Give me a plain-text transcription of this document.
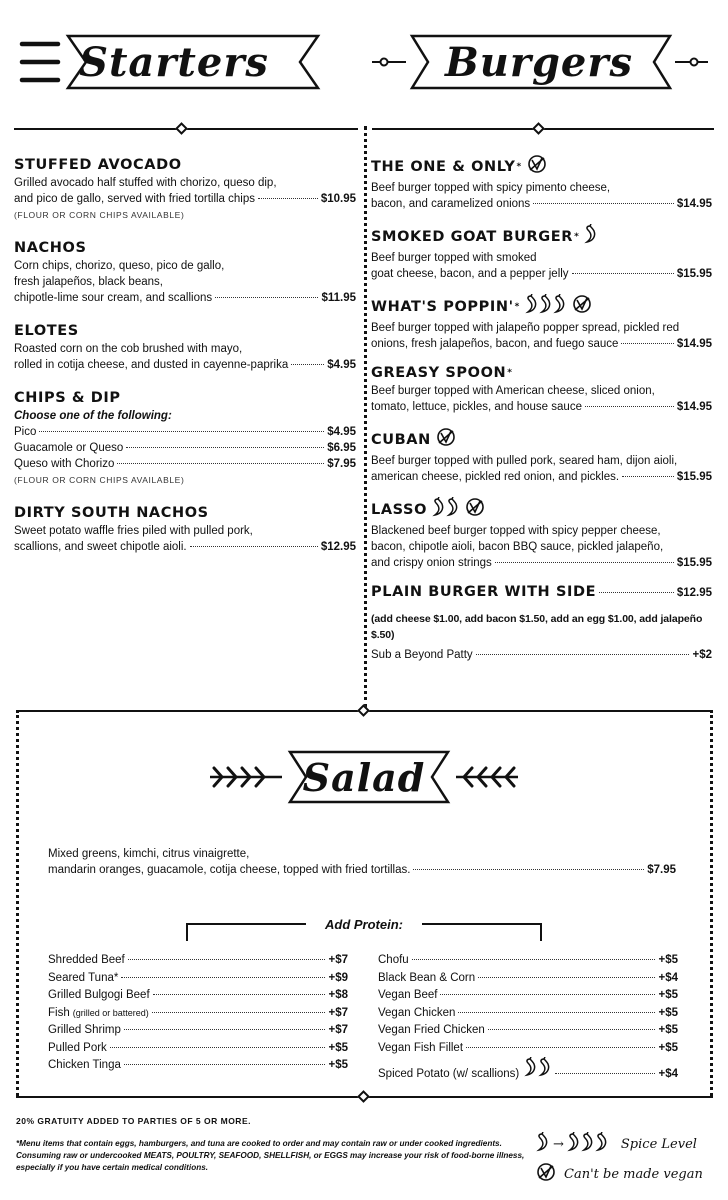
Starters	Burgers
STUFFED AVOCADO
Grilled avocado half stuffed with chorizo, queso dip,
and pico de gallo, served with fried tortilla chips	$10.95
(FLOUR OR CORN CHIPS AVAILABLE)
NACHOS
Corn chips, chorizo, queso, pico de gallo,
fresh jalapeños, black beans,
chipotle-lime sour cream, and scallions	$11.95
ELOTES
Roasted corn on the cob brushed with mayo,
rolled in cotija cheese, and dusted in cayenne-paprika	$4.95
CHIPS & DIP
Choose one of the following:
Pico	$4.95
Guacamole or Queso	$6.95
Queso with Chorizo	$7.95
(FLOUR OR CORN CHIPS AVAILABLE)
DIRTY SOUTH NACHOS
Sweet potato waffle fries piled with pulled pork,
scallions, and sweet chipotle aioli.	$12.95
THE ONE & ONLY *
Beef burger topped with spicy pimento cheese,
bacon, and caramelized onions	$14.95
SMOKED GOAT BURGER *
Beef burger topped with smoked
goat cheese, bacon, and a pepper jelly	$15.95
WHAT'S POPPIN' *
Beef burger topped with jalapeño popper spread, pickled red
onions, fresh jalapeños, bacon, and fuego sauce	$14.95
GREASY SPOON *
Beef burger topped with American cheese, sliced onion,
tomato, lettuce, pickles, and house sauce	$14.95
CUBAN
Beef burger topped with pulled pork, seared ham, dijon aioli,
american cheese, pickled red onion, and pickles.	$15.95
LASSO
Blackened beef burger topped with spicy pepper cheese,
bacon, chipotle aioli, bacon BBQ sauce, pickled jalapeño,
and crispy onion strings	$15.95
PLAIN BURGER WITH SIDE	$12.95
(add cheese $1.00, add bacon $1.50, add an egg $1.00, add jalapeño $.50)
Sub a Beyond Patty	+$2
Salad
Mixed greens, kimchi, citrus vinaigrette,
mandarin oranges, guacamole, cotija cheese, topped with fried tortillas.	$7.95
Add Protein:
Shredded Beef	+$7
Seared Tuna*	+$9
Grilled Bulgogi Beef	+$8
Fish (grilled or battered)	+$7
Grilled Shrimp	+$7
Pulled Pork	+$5
Chicken Tinga	+$5
Chofu	+$5
Black Bean & Corn	+$4
Vegan Beef	+$5
Vegan Chicken	+$5
Vegan Fried Chicken	+$5
Vegan Fish Fillet	+$5
Spiced Potato (w/ scallions)	+$4
20% GRATUITY ADDED TO PARTIES OF 5 OR MORE.
*Menu items that contain eggs, hamburgers, and tuna are cooked to order and may contain raw or under cooked ingredients.
Consuming raw or undercooked MEATS, POULTRY, SEAFOOD, SHELLFISH, or EGGS may increase your risk of food-borne illness,
especially if you have certain medical conditions.
→	Spice Level
Can't be made vegan
